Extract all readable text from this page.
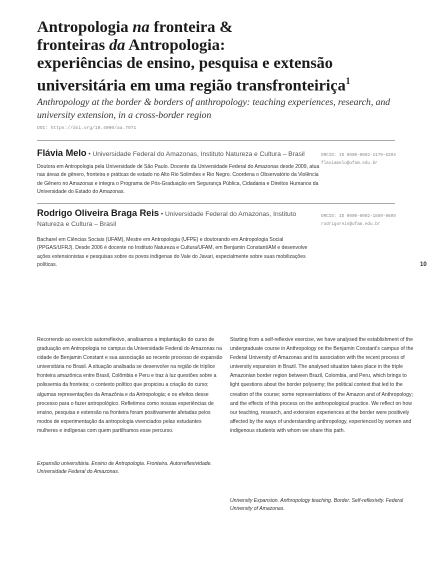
Antropologia na fronteira &
fronteiras da Antropologia:
experiências de ensino, pesquisa e extensão
universitária em uma região transfronteiriça$^1$
Anthropology at the border & borders of anthropology: teaching experiences, research, and university extension, in a cross-border region
DOI: https://doi.org/10.4000/aa.7971
Flávia Melo • Universidade Federal do Amazonas, Instituto Natureza e Cultura – Brasil
Doutora em Antropologia pela Universidade de São Paulo. Docente da Universidade Federal do Amazonas desde 2009, atua nas áreas de gênero, fronteira e práticas de estado no Alto Rio Solimões e Rio Negro. Coordena o Observatório da Violência de Gênero no Amazonas e integra o Programa de Pós-Graduação em Segurança Pública, Cidadania e Direitos Humanos da Universidade do Estado do Amazonas.
ORCID: ID 0000-0002-2179-5294
flaviamelo@ufam.edu.br
Rodrigo Oliveira Braga Reis • Universidade Federal do Amazonas, Instituto Natureza e Cultura – Brasil
Bacharel em Ciências Sociais (UFAM), Mestre em Antropologia (UFPE) e doutorando em Antropologia Social (PPGAS/UFRJ). Desde 2006 é docente no Instituto Natureza e Cultura/UFAM, em Benjamin Constant/AM e desenvolve ações extensionistas e pesquisas sobre os povos indígenas do Vale do Javari, especialmente sobre suas mobilizações políticas.
ORCID: ID 0000-0002-1850-9809
rodrigoreis@ufam.edu.br
10
Recorrendo ao exercício autorreflexivo, analisamos a implantação do curso de graduação em Antropologia no campus da Universidade Federal do Amazonas na cidade de Benjamin Constant e sua associação ao recente processo de expansão universitária no Brasil. A situação analisada se desenvolve na região de tríplice fronteira amazônica entre Brasil, Colômbia e Peru e traz à luz questões sobre a polissemia da fronteira; o contexto político que propiciou a criação do curso; algumas representações da Amazônia e da Antropologia; e os efeitos desse processo para o fazer antropológico. Refletimos como nossas experiências de ensino, pesquisa e extensão na fronteira foram positivamente afetadas pelos modos de experimentação da antropologia vivenciados pelas estudantes mulheres e indígenas com quem partilhamos esse percurso.
Expansão universitária. Ensino de Antropologia. Fronteira. Autorreflexividade. Universidade Federal do Amazonas.
Starting from a self-reflexive exercise, we have analysed the establishment of the undergraduate course in Anthropology on the Benjamin Constant's campus of the Federal University of Amazonas and its association with the recent process of university expansion in Brazil. The analysed situation takes place in the triple Amazonian border region between Brazil, Colombia, and Peru, which brings to light questions about the border polysemy; the political context that led to the creation of the course; some representations of the Amazon and of Anthropology; and the effects of this process on the anthropological practice. We reflect on how our teaching, research, and extension experiences at the border were positively affected by the ways of understanding anthropology, experienced by women and indigenous students with whom we share this path.
University Expansion. Anthropology teaching. Border. Self-reflexivity. Federal University of Amazonas.
